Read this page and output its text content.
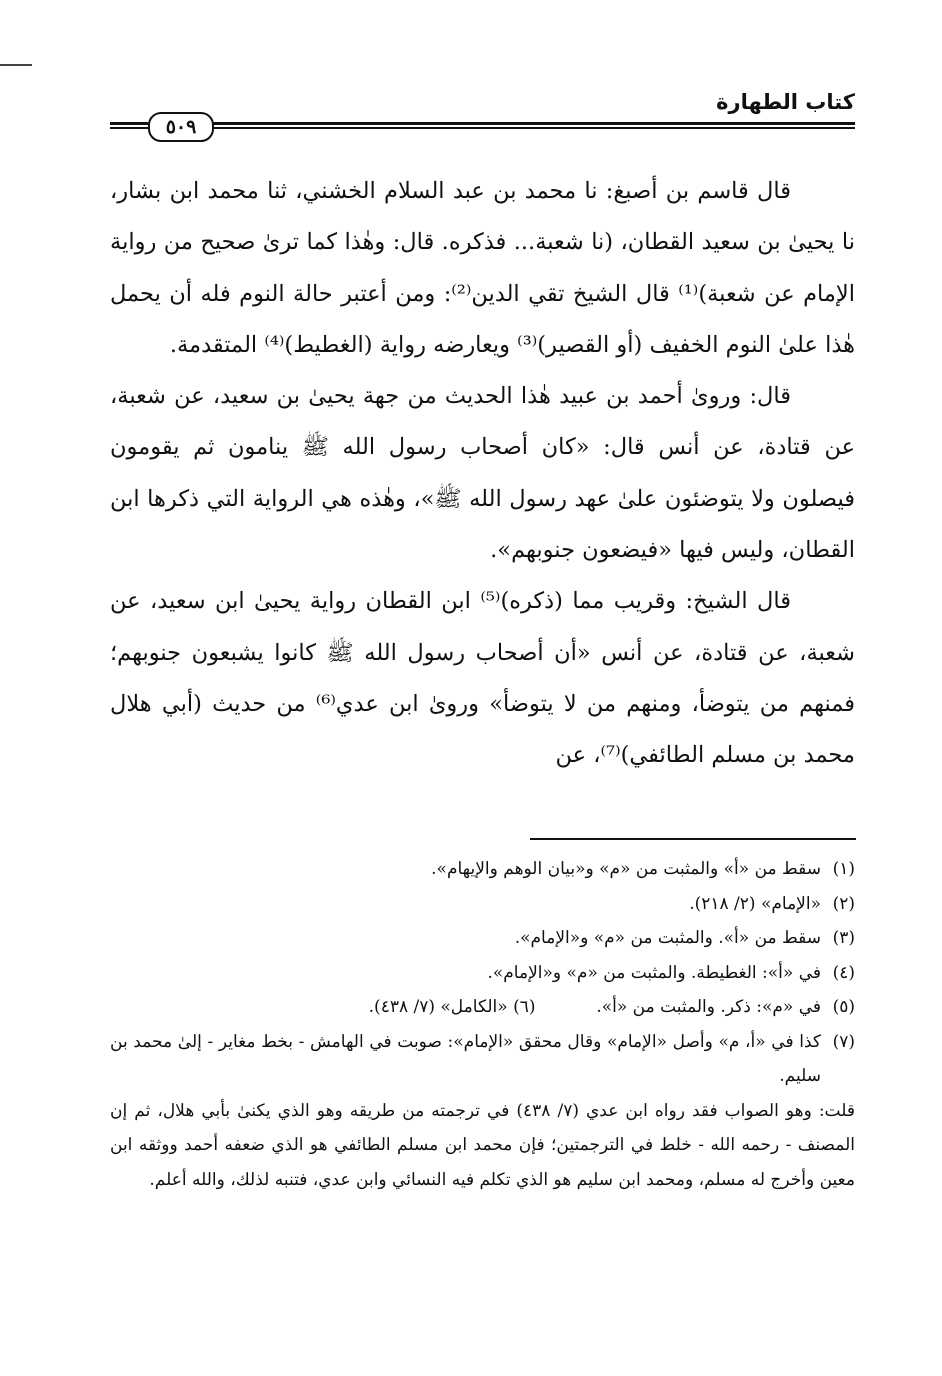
كتاب الطهارة
٥٠٩

قال قاسم بن أصبغ: نا محمد بن عبد السلام الخشني، ثنا محمد ابن بشار، نا يحيىٰ بن سعيد القطان، (نا شعبة... فذكره. قال: وهٰذا كما ترىٰ صحيح من رواية الإمام عن شعبة)⁽¹⁾ قال الشيخ تقي الدين⁽²⁾: ومن أعتبر حالة النوم فله أن يحمل هٰذا علىٰ النوم الخفيف (أو القصير)⁽³⁾ ويعارضه رواية (الغطيط)⁽⁴⁾ المتقدمة.

قال: وروىٰ أحمد بن عبيد هٰذا الحديث من جهة يحيىٰ بن سعيد، عن شعبة، عن قتادة، عن أنس قال: «كان أصحاب رسول الله ﷺ ينامون ثم يقومون فيصلون ولا يتوضئون علىٰ عهد رسول الله ﷺ»، وهٰذه هي الرواية التي ذكرها ابن القطان، وليس فيها «فيضعون جنوبهم».

قال الشيخ: وقريب مما (ذكره)⁽⁵⁾ ابن القطان رواية يحيىٰ ابن سعيد، عن شعبة، عن قتادة، عن أنس «أن أصحاب رسول الله ﷺ كانوا يشبعون جنوبهم؛ فمنهم من يتوضأ، ومنهم من لا يتوضأ» وروىٰ ابن عدي⁽⁶⁾ من حديث (أبي هلال محمد بن مسلم الطائفي)⁽⁷⁾، عن

(١)
سقط من «أ» والمثبت من «م» و«بيان الوهم والإيهام».
(٢)
«الإمام» (٢/ ٢١٨).
(٣)
سقط من «أ». والمثبت من «م» و«الإمام».
(٤)
في «أ»: الغطيطة. والمثبت من «م» و«الإمام».
(٥)
في «م»: ذكر. والمثبت من «أ».  (٦) «الكامل» (٧/ ٤٣٨).
(٧)
كذا في «أ، م» وأصل «الإمام» وقال محقق «الإمام»: صوبت في الهامش - بخط مغاير - إلىٰ محمد بن سليم.
قلت: وهو الصواب فقد رواه ابن عدي (٧/ ٤٣٨) في ترجمته من طريقه وهو الذي يكنىٰ بأبي هلال، ثم إن المصنف - رحمه الله - خلط في الترجمتين؛ فإن محمد ابن مسلم الطائفي هو الذي ضعفه أحمد ووثقه ابن معين وأخرج له مسلم، ومحمد ابن سليم هو الذي تكلم فيه النسائي وابن عدي، فتنبه لذلك، والله أعلم.
